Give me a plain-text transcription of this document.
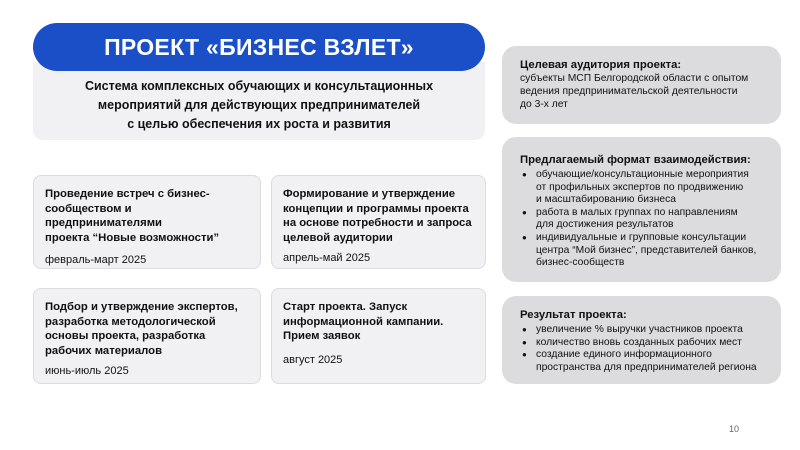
ПРОЕКТ «БИЗНЕС ВЗЛЕТ»
Система комплексных обучающих и консультационных
мероприятий для действующих предпринимателей
с целью обеспечения их роста и развития
Проведение встреч с бизнес-
сообществом и предпринимателями
проекта “Новые возможности”
февраль-март 2025
Формирование и утверждение
концепции и программы проекта
на основе потребности и запроса
целевой аудитории
апрель-май 2025
Подбор и утверждение экспертов,
разработка методологической
основы проекта, разработка
рабочих материалов
июнь-июль 2025
Старт проекта. Запуск
информационной кампании.
Прием заявок
август 2025
Целевая аудитория проекта:
субъекты МСП Белгородской области с опытом
ведения предпринимательской деятельности
до 3-х лет
Предлагаемый формат взаимодействия:
● обучающие/консультационные мероприятия
от профильных экспертов по продвижению
и масштабированию бизнеса
● работа в малых группах по направлениям
для достижения результатов
● индивидуальные и групповые консультации
центра “Мой бизнес”, представителей банков,
бизнес-сообществ
Результат проекта:
● увеличение % выручки участников проекта
● количество вновь созданных рабочих мест
● создание единого информационного
пространства для предпринимателей региона
10
